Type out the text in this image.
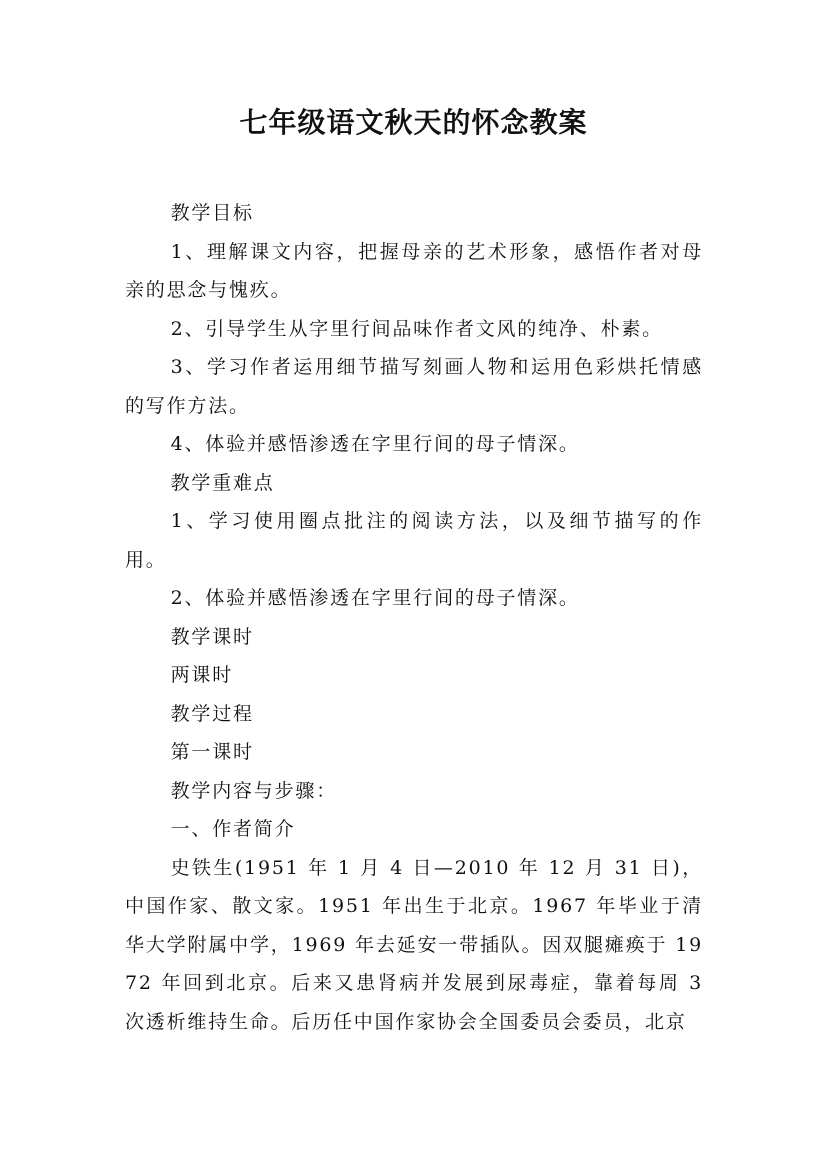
七年级语文秋天的怀念教案

教学目标

1、理解课文内容，把握母亲的艺术形象，感悟作者对母亲的思念与愧疚。

2、引导学生从字里行间品味作者文风的纯净、朴素。

3、学习作者运用细节描写刻画人物和运用色彩烘托情感的写作方法。

4、体验并感悟渗透在字里行间的母子情深。

教学重难点

1、学习使用圈点批注的阅读方法，以及细节描写的作用。

2、体验并感悟渗透在字里行间的母子情深。

教学课时

两课时

教学过程

第一课时

教学内容与步骤：

一、作者简介

史铁生(1951 年 1 月 4 日—2010 年 12 月 31 日)，中国作家、散文家。1951 年出生于北京。1967 年毕业于清华大学附属中学，1969 年去延安一带插队。因双腿瘫痪于 1972 年回到北京。后来又患肾病并发展到尿毒症，靠着每周 3 次透析维持生命。后历任中国作家协会全国委员会委员，北京
